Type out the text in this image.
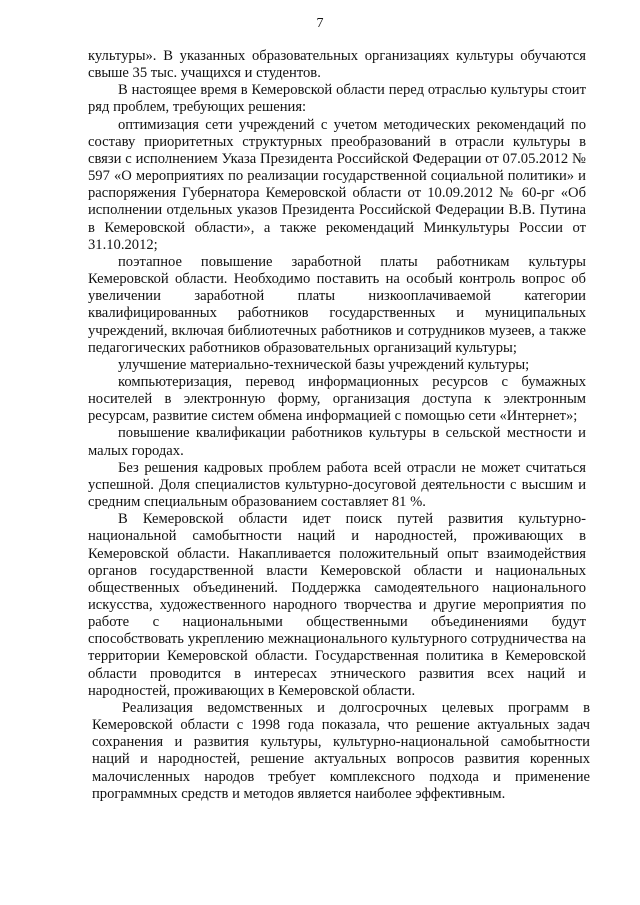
7

культуры». В указанных образовательных организациях культуры обучаются свыше 35 тыс. учащихся и студентов.

В настоящее время в Кемеровской области перед отраслью культуры стоит ряд проблем, требующих решения:

оптимизация сети учреждений с учетом методических рекомендаций по составу приоритетных структурных преобразований в отрасли культуры в связи с исполнением Указа Президента Российской Федерации от 07.05.2012 № 597 «О мероприятиях по реализации государственной социальной политики» и распоряжения Губернатора Кемеровской области от 10.09.2012 № 60-рг «Об исполнении отдельных указов Президента Российской Федерации В.В. Путина в Кемеровской области», а также рекомендаций Минкультуры России от 31.10.2012;

поэтапное повышение заработной платы работникам культуры Кемеровской области. Необходимо поставить на особый контроль вопрос об увеличении заработной платы низкооплачиваемой категории квалифицированных работников государственных и муниципальных учреждений, включая библиотечных работников и сотрудников музеев, а также педагогических работников образовательных организаций культуры;

улучшение материально-технической базы учреждений культуры;

компьютеризация, перевод информационных ресурсов с бумажных носителей в электронную форму, организация доступа к электронным ресурсам, развитие систем обмена информацией с помощью сети «Интернет»;

повышение квалификации работников культуры в сельской местности и малых городах.

Без решения кадровых проблем работа всей отрасли не может считаться успешной. Доля специалистов культурно-досуговой деятельности с высшим и средним специальным образованием составляет 81 %.

В Кемеровской области идет поиск путей развития культурно-национальной самобытности наций и народностей, проживающих в Кемеровской области. Накапливается положительный опыт взаимодействия органов государственной власти Кемеровской области и национальных общественных объединений. Поддержка самодеятельного национального искусства, художественного народного творчества и другие мероприятия по работе с национальными общественными объединениями будут способствовать укреплению межнационального культурного сотрудничества на территории Кемеровской области. Государственная политика в Кемеровской области проводится в интересах этнического развития всех наций и народностей, проживающих в Кемеровской области.

Реализация ведомственных и долгосрочных целевых программ в Кемеровской области с 1998 года показала, что решение актуальных задач сохранения и развития культуры, культурно-национальной самобытности наций и народностей, решение актуальных вопросов развития коренных малочисленных народов требует комплексного подхода и применение программных средств и методов является наиболее эффективным.
